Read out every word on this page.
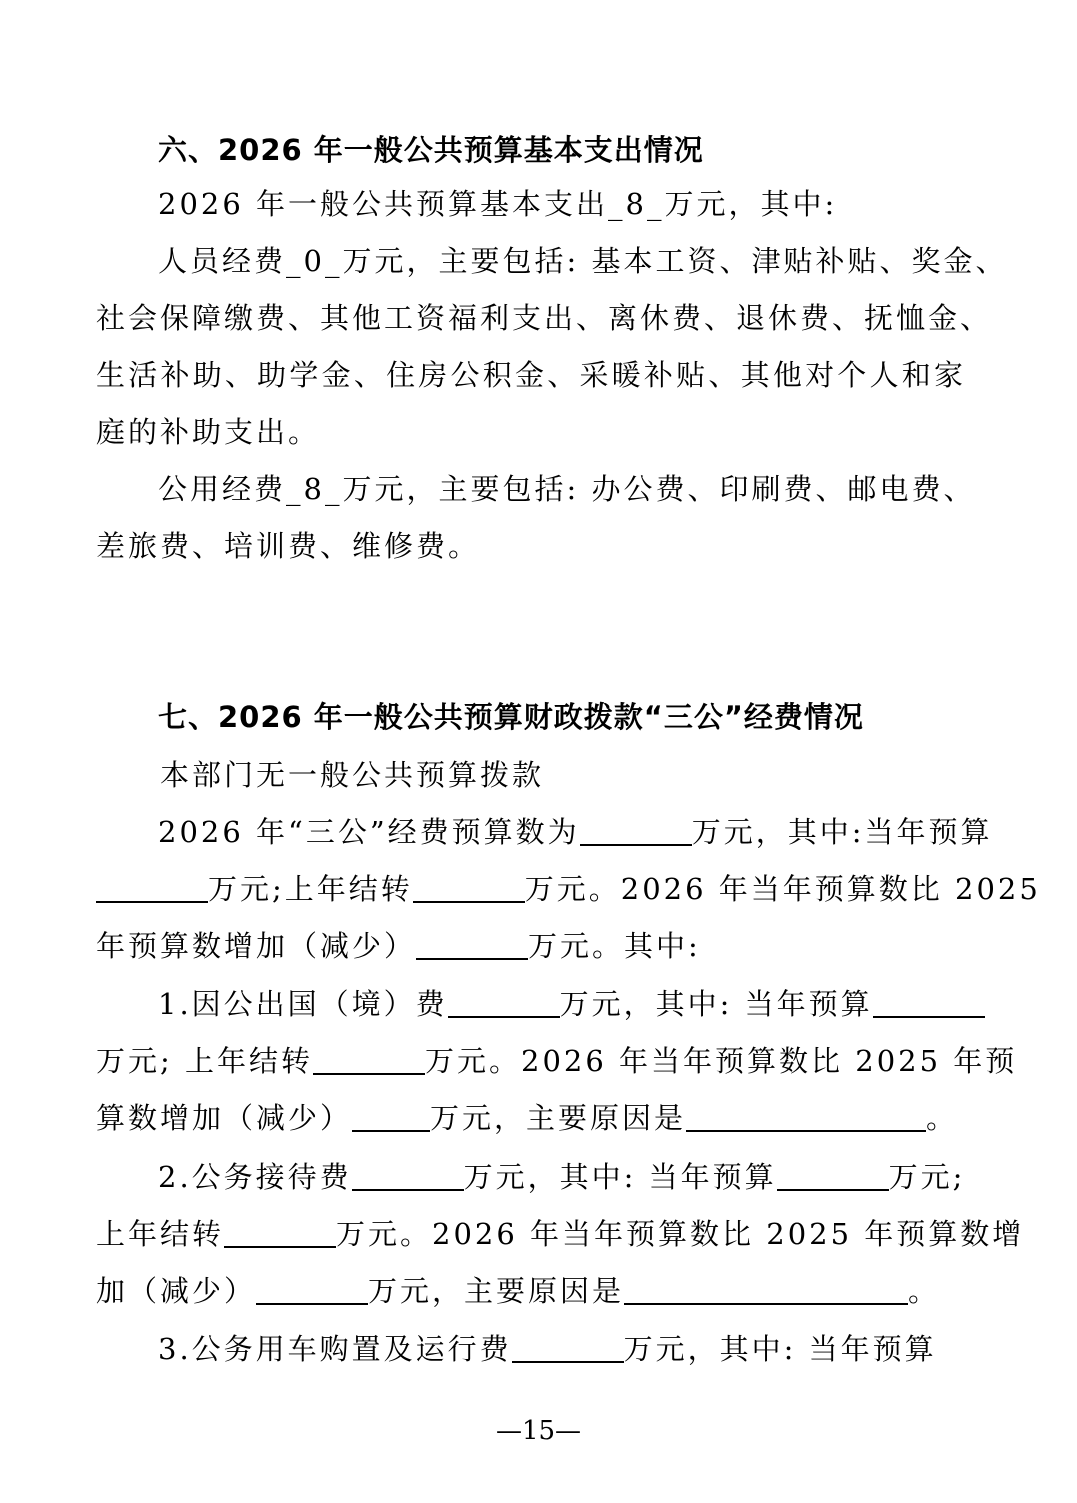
六、2026 年一般公共预算基本支出情况
2026 年一般公共预算基本支出_8_万元，其中:
人员经费_0_万元，主要包括: 基本工资、津贴补贴、奖金、
社会保障缴费、其他工资福利支出、离休费、退休费、抚恤金、
生活补助、助学金、住房公积金、采暖补贴、其他对个人和家
庭的补助支出。
公用经费_8_万元，主要包括: 办公费、印刷费、邮电费、
差旅费、培训费、维修费。
七、2026 年一般公共预算财政拨款“三公”经费情况
本部门无一般公共预算拨款
2026 年“三公”经费预算数为	万元，其中:当年预算
万元;上年结转	万元。2026 年当年预算数比 2025
年预算数增加（减少）	万元。其中:
1.因公出国（境）费	万元，其中: 当年预算
万元; 上年结转	万元。2026 年当年预算数比 2025 年预
算数增加（减少）	万元，主要原因是	。
2.公务接待费	万元，其中: 当年预算	万元;
上年结转	万元。2026 年当年预算数比 2025 年预算数增
加（减少）	万元，主要原因是	。
3.公务用车购置及运行费	万元，其中: 当年预算
—15—
